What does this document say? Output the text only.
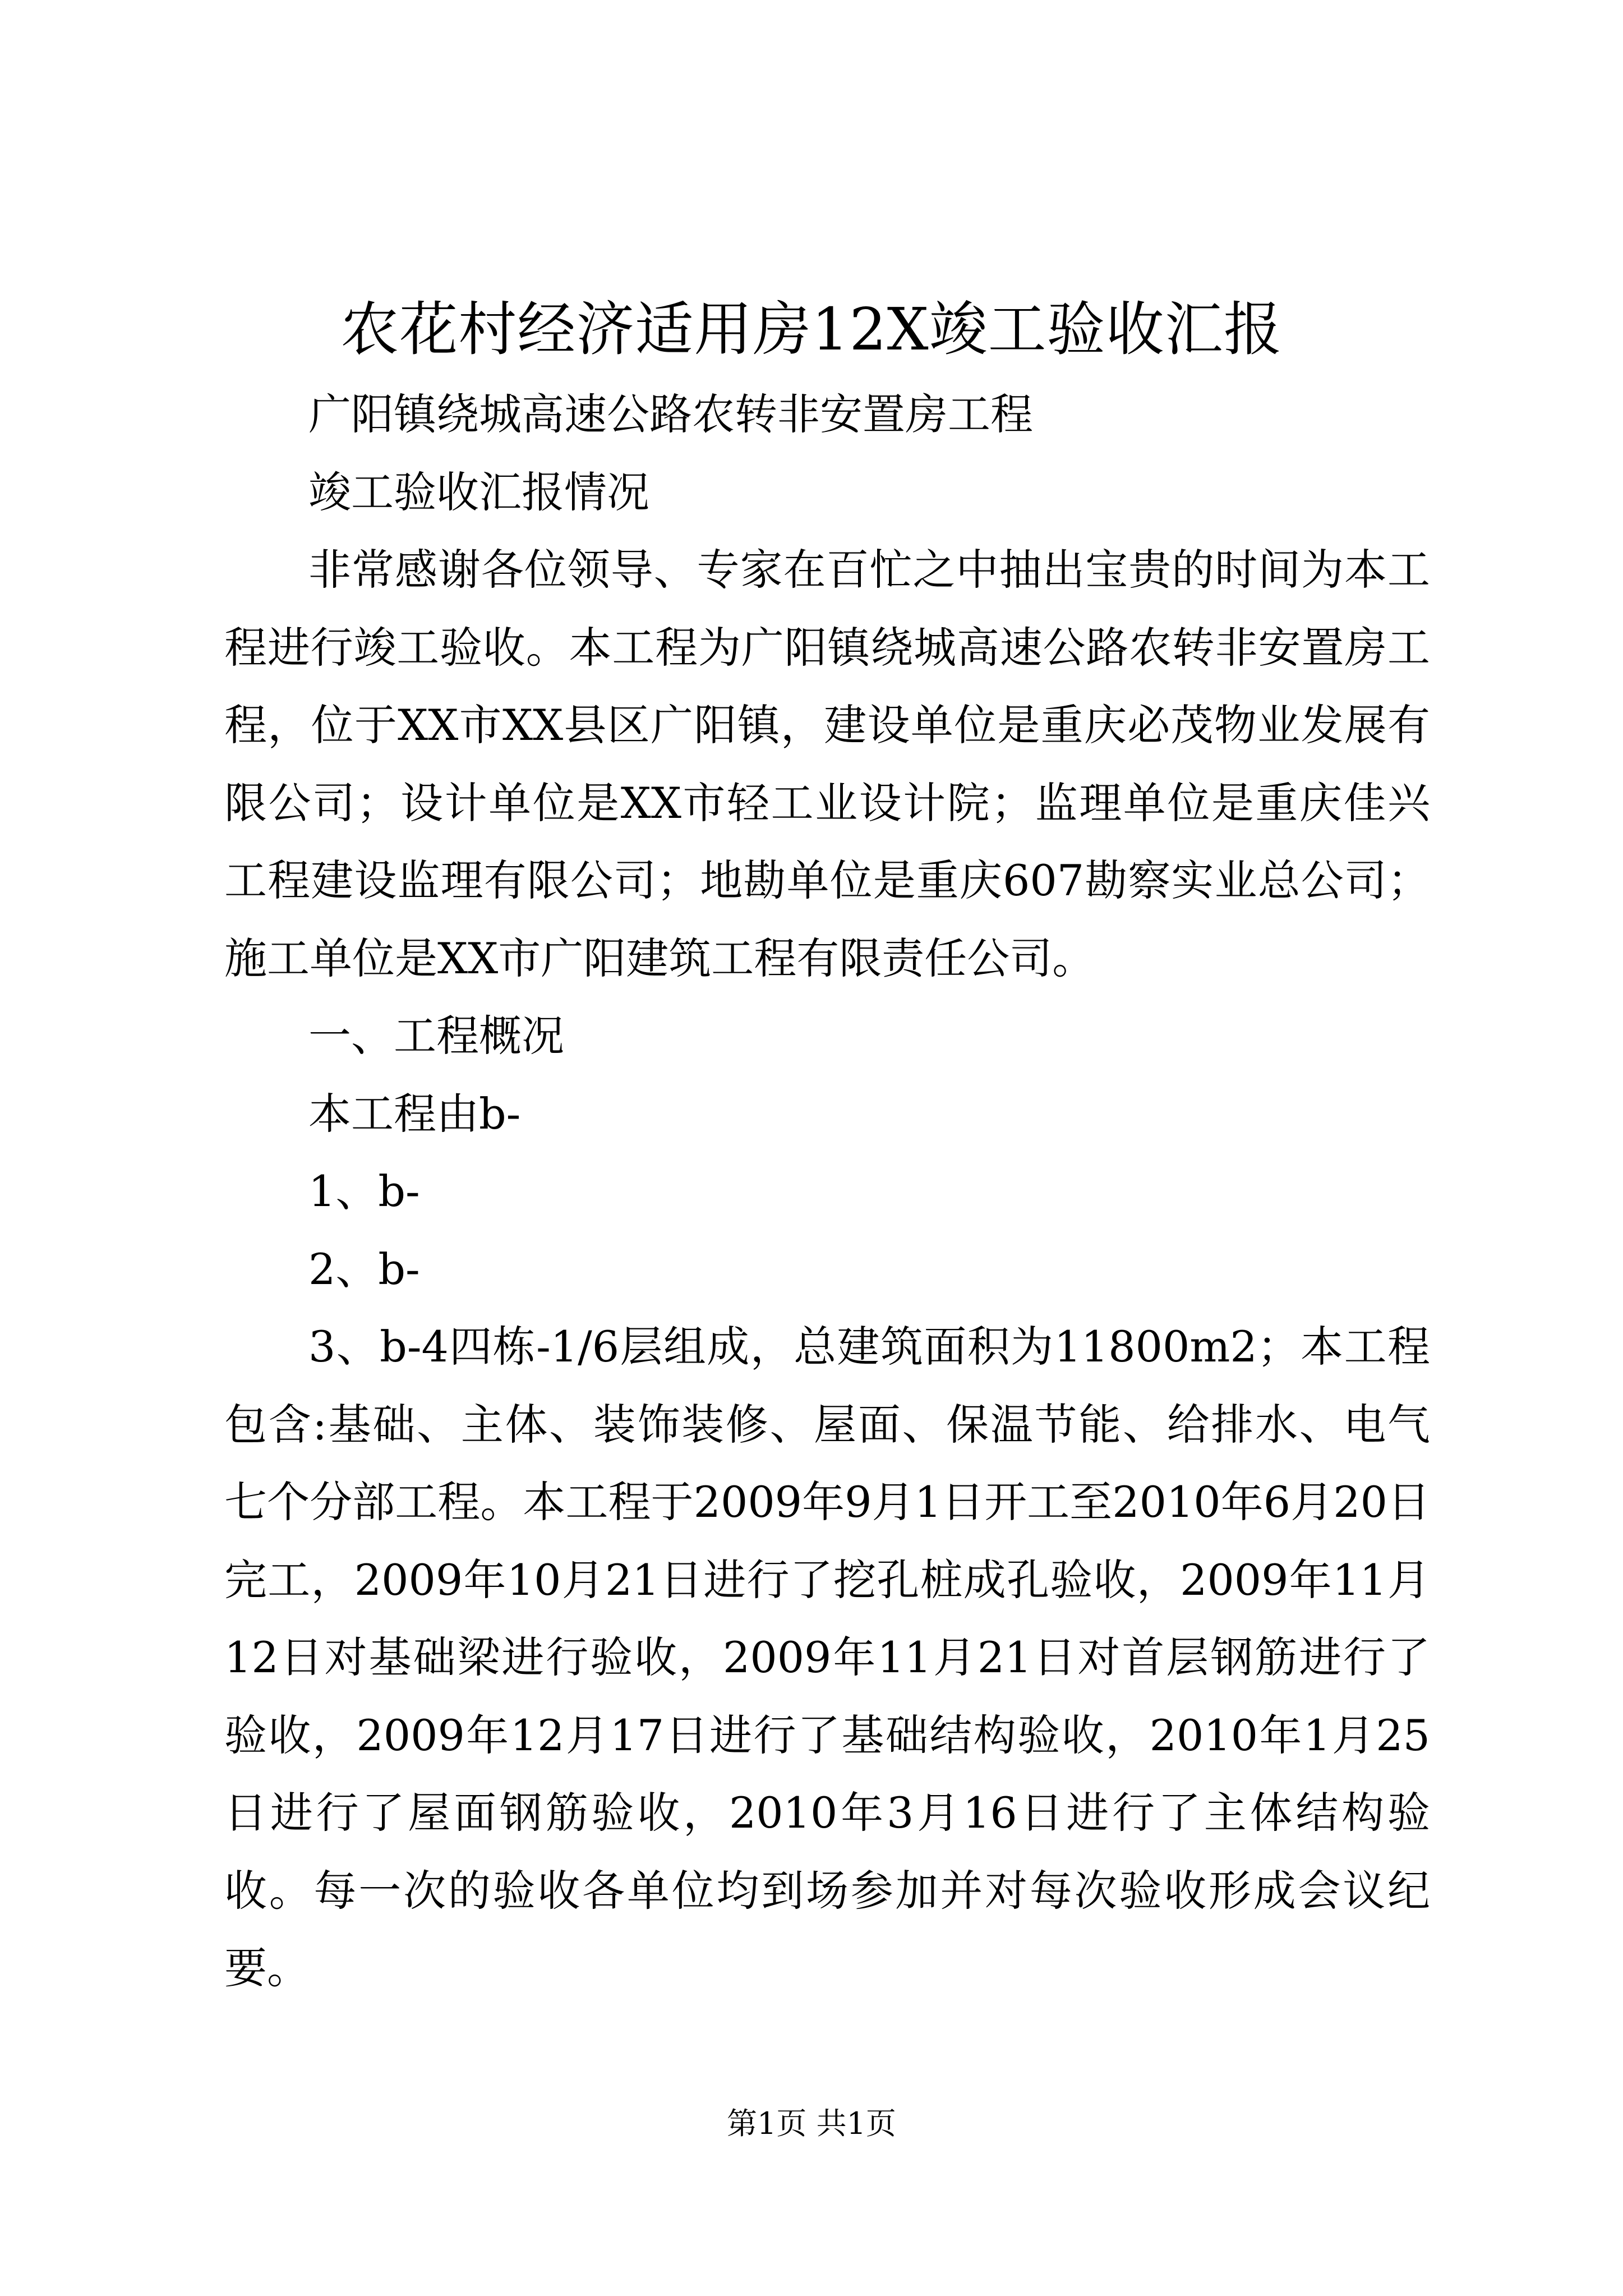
农花村经济适用房12X竣工验收汇报

广阳镇绕城高速公路农转非安置房工程

竣工验收汇报情况

非常感谢各位领导、专家在百忙之中抽出宝贵的时间为本工程进行竣工验收。本工程为广阳镇绕城高速公路农转非安置房工程，位于XX市XX县区广阳镇，建设单位是重庆必茂物业发展有限公司；设计单位是XX市轻工业设计院；监理单位是重庆佳兴工程建设监理有限公司；地勘单位是重庆607勘察实业总公司；施工单位是XX市广阳建筑工程有限责任公司。

一、工程概况

本工程由b-

1、b-

2、b-

3、b-4四栋-1/6层组成，总建筑面积为11800m2；本工程包含:基础、主体、装饰装修、屋面、保温节能、给排水、电气七个分部工程。本工程于2009年9月1日开工至2010年6月20日完工，2009年10月21日进行了挖孔桩成孔验收，2009年11月12日对基础梁进行验收，2009年11月21日对首层钢筋进行了验收，2009年12月17日进行了基础结构验收，2010年1月25日进行了屋面钢筋验收，2010年3月16日进行了主体结构验收。每一次的验收各单位均到场参加并对每次验收形成会议纪要。

第1页 共1页
